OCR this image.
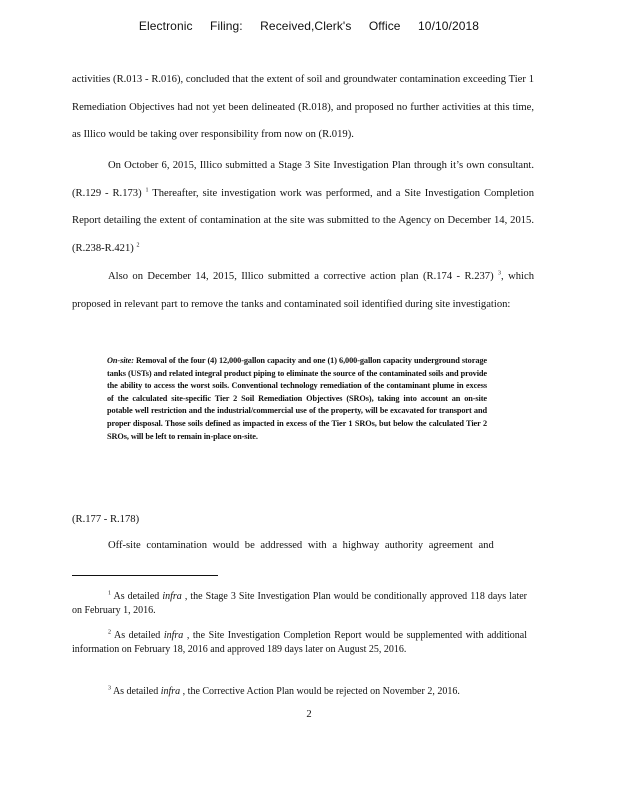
Electronic Filing: Received,Clerk's Office 10/10/2018
activities (R.013 - R.016), concluded that the extent of soil and groundwater contamination exceeding Tier 1 Remediation Objectives had not yet been delineated (R.018), and proposed no further activities at this time, as Illico would be taking over responsibility from now on (R.019).
On October 6, 2015, Illico submitted a Stage 3 Site Investigation Plan through it’s own consultant. (R.129 - R.173) $^1$ Thereafter, site investigation work was performed, and a Site Investigation Completion Report detailing the extent of contamination at the site was submitted to the Agency on December 14, 2015. (R.238-R.421) $^2$
Also on December 14, 2015, Illico submitted a corrective action plan (R.174 - R.237) $^3$, which proposed in relevant part to remove the tanks and contaminated soil identified during site investigation:
On-site: Removal of the four (4) 12,000-gallon capacity and one (1) 6,000-gallon capacity underground storage tanks (USTs) and related integral product piping to eliminate the source of the contaminated soils and provide the ability to access the worst soils. Conventional technology remediation of the contaminant plume in excess of the calculated site-specific Tier 2 Soil Remediation Objectives (SROs), taking into account an on-site potable well restriction and the industrial/commercial use of the property, will be excavated for transport and proper disposal. Those soils defined as impacted in excess of the Tier 1 SROs, but below the calculated Tier 2 SROs, will be left to remain in-place on-site.
(R.177 - R.178)
Off-site contamination would be addressed with a highway authority agreement and
$^1$ As detailed infra , the Stage 3 Site Investigation Plan would be conditionally approved 118 days later on February 1, 2016.
$^2$ As detailed infra , the Site Investigation Completion Report would be supplemented with additional information on February 18, 2016 and approved 189 days later on August 25, 2016.
$^3$ As detailed infra , the Corrective Action Plan would be rejected on November 2, 2016.
2
